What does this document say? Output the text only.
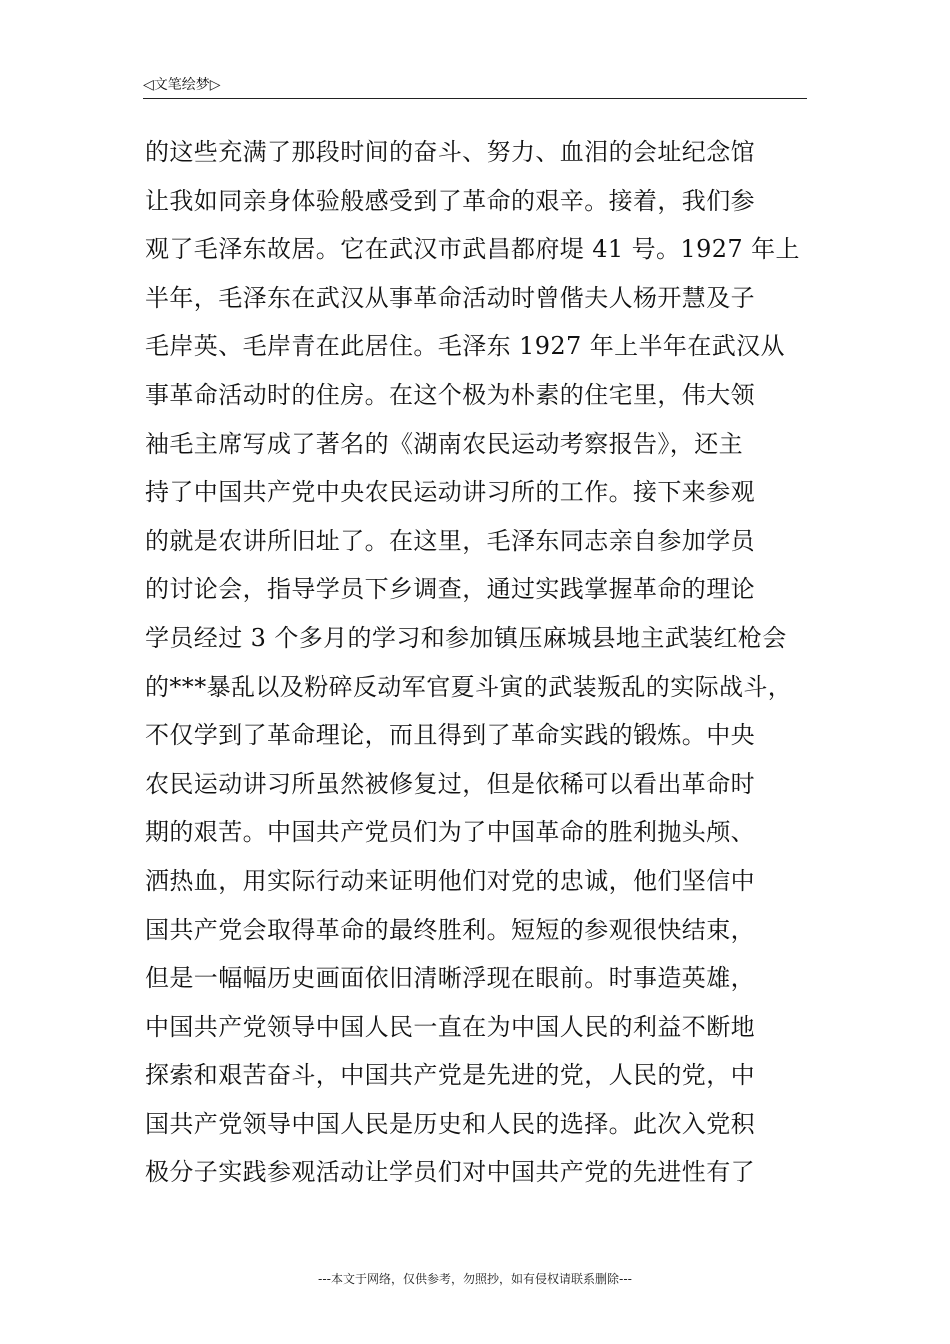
◁文笔绘梦▷
的这些充满了那段时间的奋斗、努力、血泪的会址纪念馆
让我如同亲身体验般感受到了革命的艰辛。接着，我们参
观了毛泽东故居。它在武汉市武昌都府堤 41 号。1927 年上
半年，毛泽东在武汉从事革命活动时曾偕夫人杨开慧及子
毛岸英、毛岸青在此居住。毛泽东 1927 年上半年在武汉从
事革命活动时的住房。在这个极为朴素的住宅里，伟大领
袖毛主席写成了著名的《湖南农民运动考察报告》，还主
持了中国共产党中央农民运动讲习所的工作。接下来参观
的就是农讲所旧址了。在这里，毛泽东同志亲自参加学员
的讨论会，指导学员下乡调查，通过实践掌握革命的理论
学员经过 3 个多月的学习和参加镇压麻城县地主武装红枪会
的***暴乱以及粉碎反动军官夏斗寅的武装叛乱的实际战斗，
不仅学到了革命理论，而且得到了革命实践的锻炼。中央
农民运动讲习所虽然被修复过，但是依稀可以看出革命时
期的艰苦。中国共产党员们为了中国革命的胜利抛头颅、
洒热血，用实际行动来证明他们对党的忠诚，他们坚信中
国共产党会取得革命的最终胜利。短短的参观很快结束，
但是一幅幅历史画面依旧清晰浮现在眼前。时事造英雄，
中国共产党领导中国人民一直在为中国人民的利益不断地
探索和艰苦奋斗，中国共产党是先进的党，人民的党，中
国共产党领导中国人民是历史和人民的选择。此次入党积
极分子实践参观活动让学员们对中国共产党的先进性有了
---本文于网络，仅供参考，勿照抄，如有侵权请联系删除---
